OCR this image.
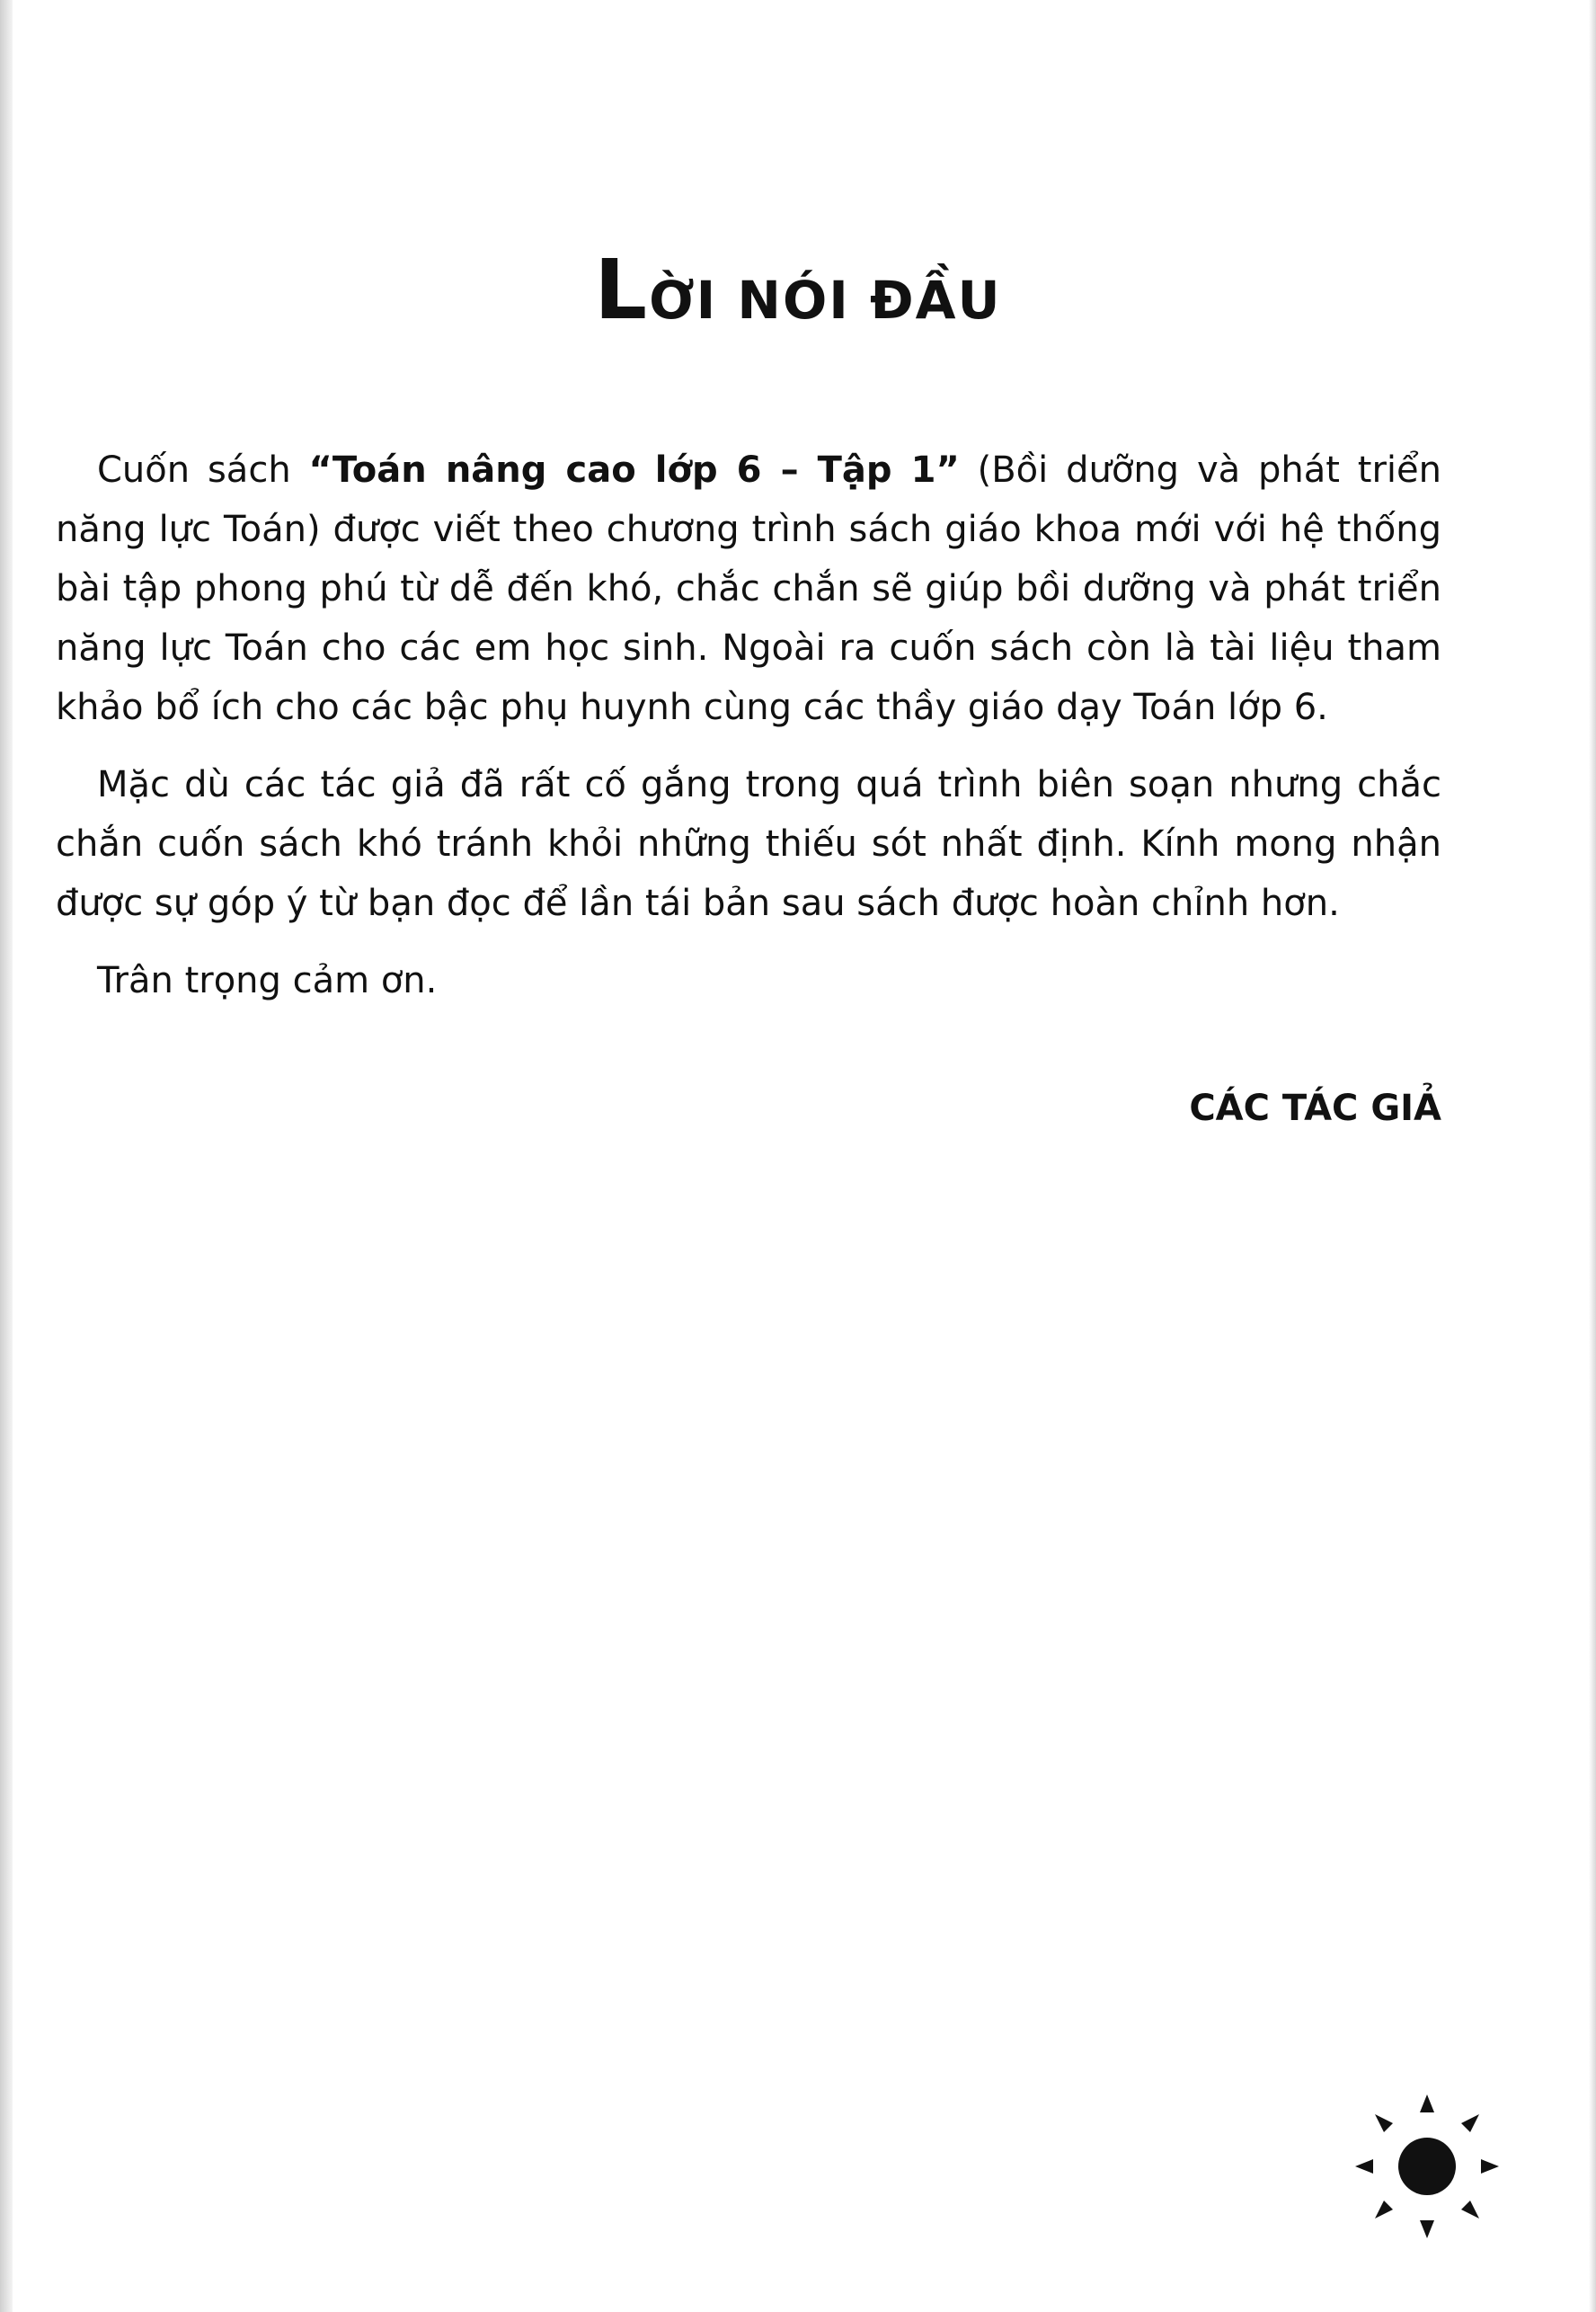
LỜI NÓI ĐẦU

Cuốn sách “Toán nâng cao lớp 6 – Tập 1” (Bồi dưỡng và phát triển năng lực Toán) được viết theo chương trình sách giáo khoa mới với hệ thống bài tập phong phú từ dễ đến khó, chắc chắn sẽ giúp bồi dưỡng và phát triển năng lực Toán cho các em học sinh. Ngoài ra cuốn sách còn là tài liệu tham khảo bổ ích cho các bậc phụ huynh cùng các thầy giáo dạy Toán lớp 6.

Mặc dù các tác giả đã rất cố gắng trong quá trình biên soạn nhưng chắc chắn cuốn sách khó tránh khỏi những thiếu sót nhất định. Kính mong nhận được sự góp ý từ bạn đọc để lần tái bản sau sách được hoàn chỉnh hơn.

Trân trọng cảm ơn.

CÁC TÁC GIẢ
